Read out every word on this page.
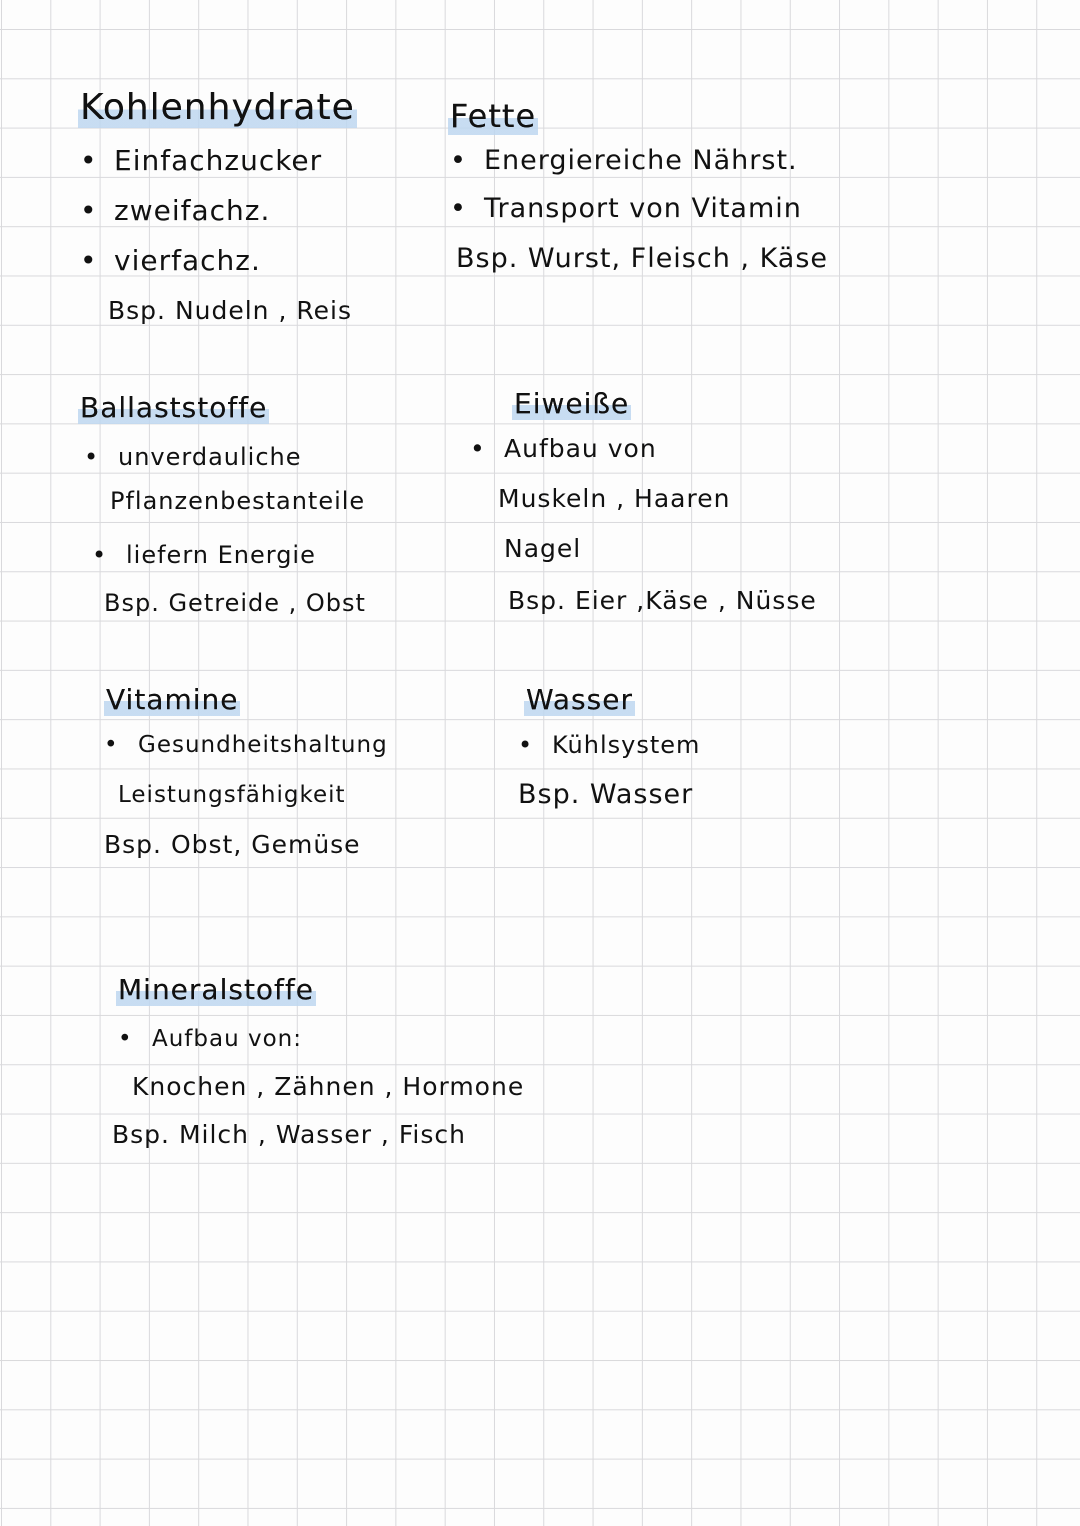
Kohlenhydrate
• Einfachzucker
• zweifachz.
• vierfachz.
Bsp. Nudeln , Reis
Fette
• Energiereiche Nährst.
• Transport von Vitamin
Bsp. Wurst, Fleisch , Käse
Ballaststoffe
• unverdauliche
Pflanzenbestanteile
• liefern Energie
Bsp. Getreide , Obst
Eiweiße
• Aufbau von
Muskeln , Haaren
Nagel
Bsp. Eier ,Käse , Nüsse
Vitamine
• Gesundheitshaltung
Leistungsfähigkeit
Bsp. Obst, Gemüse
Wasser
• Kühlsystem
Bsp. Wasser
Mineralstoffe
• Aufbau von:
Knochen , Zähnen , Hormone
Bsp. Milch , Wasser , Fisch
